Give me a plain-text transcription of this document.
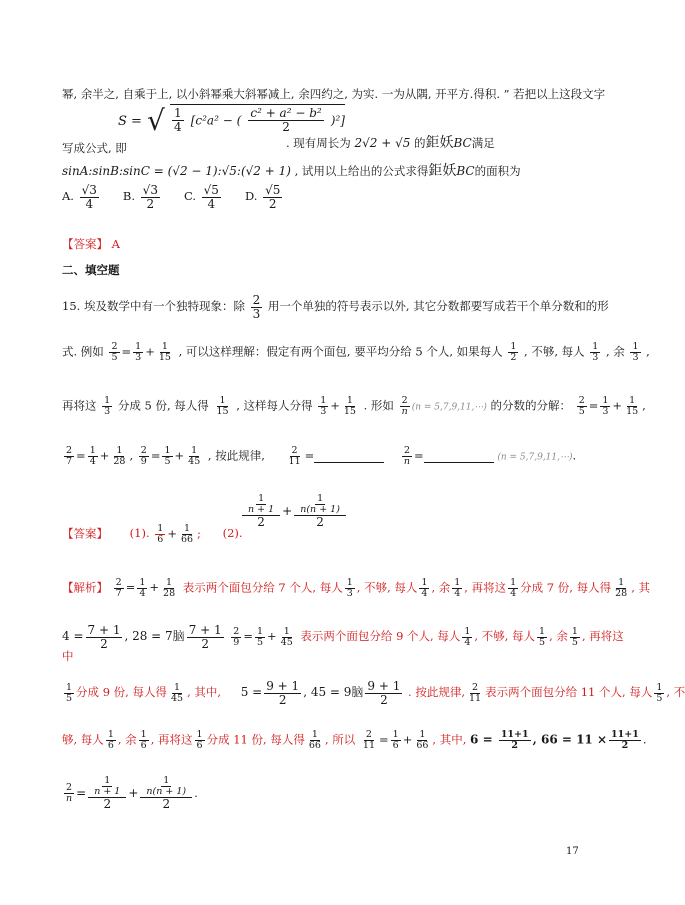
幂, 余半之, 自乘于上, 以小斜幂乘大斜幂减上, 余四约之, 为实. 一为从隅, 开平方.得积. ” 若把以上这段文字
S = √ $\frac{1}{4} [c^2a^2$ − ( $\frac{\text{c² + a² − b²}}{2} )^2$]
写成公式, 即	. 现有周长为 2√2 + √5 的鉅妖BC满足
sinA:sinB:sinC = (√2 − 1):√5:(√2 + 1) , 试用以上给出的公式求得鉅妖BC的面积为
A. $\frac{√3}{4} B$. $\frac{√3}{2} C$. $\frac{√5}{4} D$. $\frac{√5}{2}$
【答案】 A
二、填空题
15. 埃及数学中有一个独特现象：除 $\frac{2}{3}$ 用一个单独的符号表示以外, 其它分数都要写成若干个单分数和的形
式. 例如 $\frac{2}{5} = \frac{1}{3} + \frac{1}{15}$ , 可以这样理解：假定有两个面包, 要平均分给 5 个人, 如果每人 $\frac{1}{2}$ , 不够, 每人 $\frac{1}{3}$ , 余 $\frac{1}{3}$ ,
再将这 $\frac{1}{3}$ 分成 5 份, 每人得 $\frac{1}{15}$ , 这样每人分得 $\frac{1}{3} + \frac{1}{15}$ . 形如 $\frac{2}{n} (n$ = 5,7,9,11,⋯) 的分数的分解： $\frac{2}{5} = \frac{1}{3} + \frac{1}{15}$ ,
$\frac{2}{7} = \frac{1}{4} + \frac{1}{28}$ , $\frac{2}{9} = \frac{1}{5} + \frac{1}{45}$ , 按此规律, $\frac{2}{11}$ =	$\frac{2}{n}$ =	(n = 5,7,9,11,⋯).
【答案】 (1). $\frac{1}{6} + \frac{1}{66}$ ; (2).
$\frac{\frac{1}{n + 1}}{2} + \frac{\frac{1}{n(n + 1)}}{2}$
【解析】 $\frac{2}{7} = \frac{1}{4} + \frac{1}{28}$ 表示两个面包分给 7 个人, 每人 $\frac{1}{3}$ , 不够, 每人 $\frac{1}{4}$ , 余 $\frac{1}{4}$ , 再将这 $\frac{1}{4}$ 分成 7 份, 每人得 $\frac{1}{28}$ , 其
$4 = \frac{7 + 1}{2}$ , 28 = 7脑 $\frac{7 + 1}{2}$
$\frac{2}{9} = \frac{1}{5} + \frac{1}{45}$ 表示两个面包分给 9 个人, 每人 $\frac{1}{4}$ , 不够, 每人 $\frac{1}{5}$ , 余 $\frac{1}{5}$ , 再将这
中
$\frac{1}{5}$ 分成 9 份, 每人得 $\frac{1}{45}$ , 其中, $5 = \frac{9 + 1}{2}$ , 45 = 9脑 $\frac{9 + 1}{2}$ . 按此规律, $\frac{2}{11}$ 表示两个面包分给 11 个人, 每人 $\frac{1}{5}$ , 不
够, 每人 $\frac{1}{6}$ , 余 $\frac{1}{6}$ , 再将这 $\frac{1}{6}$ 分成 11 份, 每人得 $\frac{1}{66}$ , 所以 $\frac{2}{11} = \frac{1}{6} + \frac{1}{66}$ , 其中, $6 = \frac{11+1}{2}$ , $66 = 11 \times \frac{11+1}{2}$ .
$\frac{2}{n} = \frac{\frac{1}{n + 1}}{2} + \frac{\frac{1}{n(n + 1)}}{2}$ .
17
